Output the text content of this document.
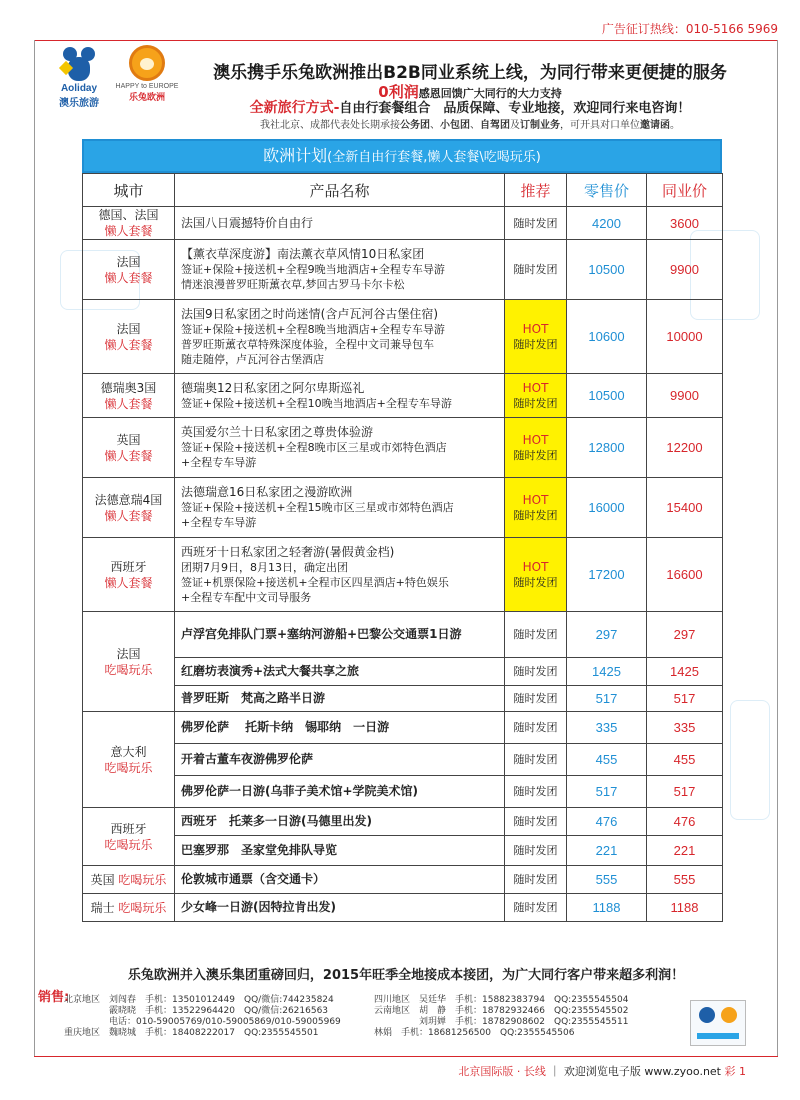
广告征订热线：010-5166 5969
Aoliday
澳乐旅游
HAPPY to EUROPE
乐兔欧洲
澳乐携手乐兔欧洲推出B2B同业系统上线，为同行带来更便捷的服务
0利润感恩回馈广大同行的大力支持
全新旅行方式-自由行套餐组合　品质保障、专业地接，欢迎同行来电咨询！
我社北京、成都代表处长期承接公务团、小包团、自驾团及订制业务，可开具对口单位邀请函。
欧洲计划(全新自由行套餐,懒人套餐\吃喝玩乐)
城市	产品名称	推荐	零售价	同业价
德国、法国
懒人套餐	法国八日震撼特价自由行	随时发团	4200	3600
法国
懒人套餐	【薰衣草深度游】南法薰衣草风情10日私家团
签证+保险+接送机+全程9晚当地酒店+全程专车导游
情迷浪漫普罗旺斯薰衣草,梦回古罗马卡尔卡松	随时发团	10500	9900
法国
懒人套餐	法国9日私家团之时尚迷情(含卢瓦河谷古堡住宿)
签证+保险+接送机+全程8晚当地酒店+全程专车导游
普罗旺斯薰衣草特殊深度体验，全程中文司兼导包车
随走随停，卢瓦河谷古堡酒店	HOT
随时发团	10600	10000
德瑞奥3国
懒人套餐	德瑞奥12日私家团之阿尔卑斯巡礼
签证+保险+接送机+全程10晚当地酒店+全程专车导游	HOT
随时发团	10500	9900
英国
懒人套餐	英国爱尔兰十日私家团之尊贵体验游
签证+保险+接送机+全程8晚市区三星或市郊特色酒店
+全程专车导游	HOT
随时发团	12800	12200
法德意瑞4国
懒人套餐	法德瑞意16日私家团之漫游欧洲
签证+保险+接送机+全程15晚市区三星或市郊特色酒店
+全程专车导游	HOT
随时发团	16000	15400
西班牙
懒人套餐	西班牙十日私家团之轻奢游(暑假黄金档)
团期7月9日，8月13日，确定出团
签证+机票保险+接送机+全程市区四星酒店+特色娱乐
+全程专车配中文司导服务	HOT
随时发团	17200	16600
法国
吃喝玩乐	卢浮宫免排队门票+塞纳河游船+巴黎公交通票1日游	随时发团	297	297
	红磨坊表演秀+法式大餐共享之旅	随时发团	1425	1425
	普罗旺斯　梵高之路半日游	随时发团	517	517
意大利
吃喝玩乐	佛罗伦萨　 托斯卡纳　锡耶纳　一日游	随时发团	335	335
	开着古董车夜游佛罗伦萨	随时发团	455	455
	佛罗伦萨一日游(乌菲子美术馆+学院美术馆)	随时发团	517	517
西班牙
吃喝玩乐	西班牙　托莱多一日游(马德里出发)	随时发团	476	476
	巴塞罗那　圣家堂免排队导览	随时发团	221	221
英国 吃喝玩乐	伦敦城市通票（含交通卡）	随时发团	555	555
瑞士 吃喝玩乐	少女峰一日游(因特拉肯出发)	随时发团	1188	1188
乐兔欧洲并入澳乐集团重磅回归，2015年旺季全地接成本接团，为广大同行客户带来超多利润！
销售:

北京地区　刘闯春　手机：13501012449　QQ/微信:744235824

　　　　　霰晓晓　手机：13522964420　QQ/微信:26216563

　　　　　电话：010-59005769/010-59005869/010-59005969

重庆地区　魏晓城　手机：18408222017　QQ:2355545501

四川地区　吴廷华　手机：15882383794　QQ:2355545504

云南地区　胡　静　手机：18782932466　QQ:2355545502

　　　　　刘玥婵　手机：18782908602　QQ:2355545511

林娟　手机：18681256500　QQ:2355545506

北京国际版 · 长线 ｜ 欢迎浏览电子版 www.zyoo.net 彩 1
